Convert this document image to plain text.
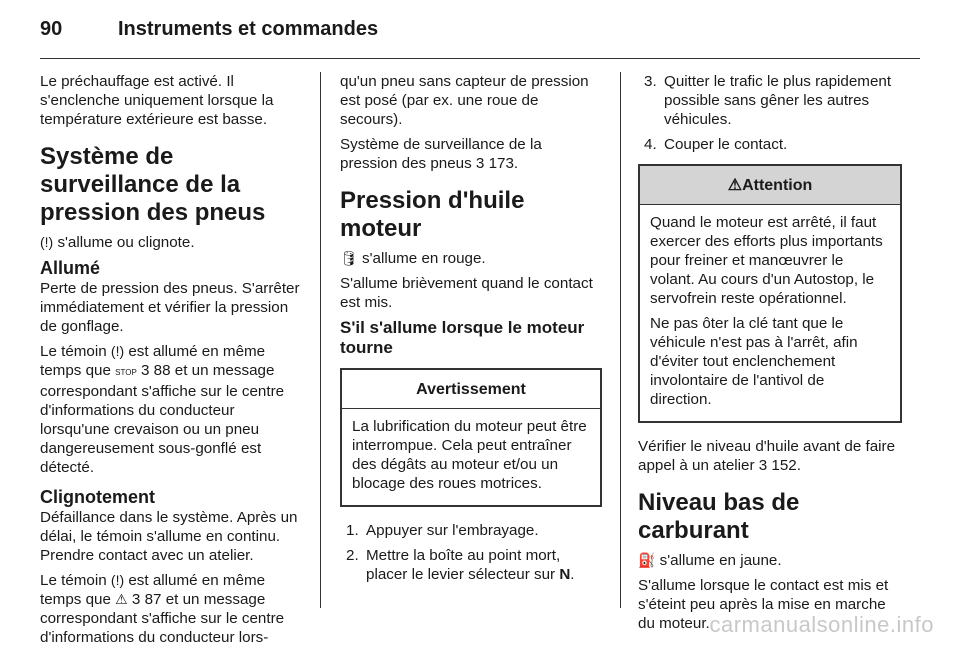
90	Instruments et commandes

Le préchauffage est activé. Il s'enclenche uniquement lorsque la température extérieure est basse.

Système de surveillance de la pression des pneus

(!) s'allume ou clignote.

Allumé

Perte de pression des pneus. S'arrêter immédiatement et vérifier la pression de gonflage.

Le témoin (!) est allumé en même temps que STOP 3 88 et un message correspondant s'affiche sur le centre d'informations du conducteur lorsqu'une crevaison ou un pneu dangereusement sous-gonflé est détecté.

Clignotement

Défaillance dans le système. Après un délai, le témoin s'allume en continu. Prendre contact avec un atelier.

Le témoin (!) est allumé en même temps que ⚠ 3 87 et un message correspondant s'affiche sur le centre d'informations du conducteur lors-

qu'un pneu sans capteur de pression est posé (par ex. une roue de secours).

Système de surveillance de la pression des pneus 3 173.

Pression d'huile moteur

🛢 s'allume en rouge.

S'allume brièvement quand le contact est mis.

S'il s'allume lorsque le moteur tourne
Avertissement

La lubrification du moteur peut être interrompue. Cela peut entraîner des dégâts au moteur et/ou un blocage des roues motrices.

1. Appuyer sur l'embrayage.
2. Mettre la boîte au point mort, placer le levier sélecteur sur N.
3. Quitter le trafic le plus rapidement possible sans gêner les autres véhicules.
4. Couper le contact.
⚠Attention

Quand le moteur est arrêté, il faut exercer des efforts plus importants pour freiner et manœuvrer le volant. Au cours d'un Autostop, le servofrein reste opérationnel.

Ne pas ôter la clé tant que le véhicule n'est pas à l'arrêt, afin d'éviter tout enclenchement involontaire de l'antivol de direction.

Vérifier le niveau d'huile avant de faire appel à un atelier 3 152.

Niveau bas de carburant

⛽ s'allume en jaune.

S'allume lorsque le contact est mis et s'éteint peu après la mise en marche du moteur. carmanualsonline.info
